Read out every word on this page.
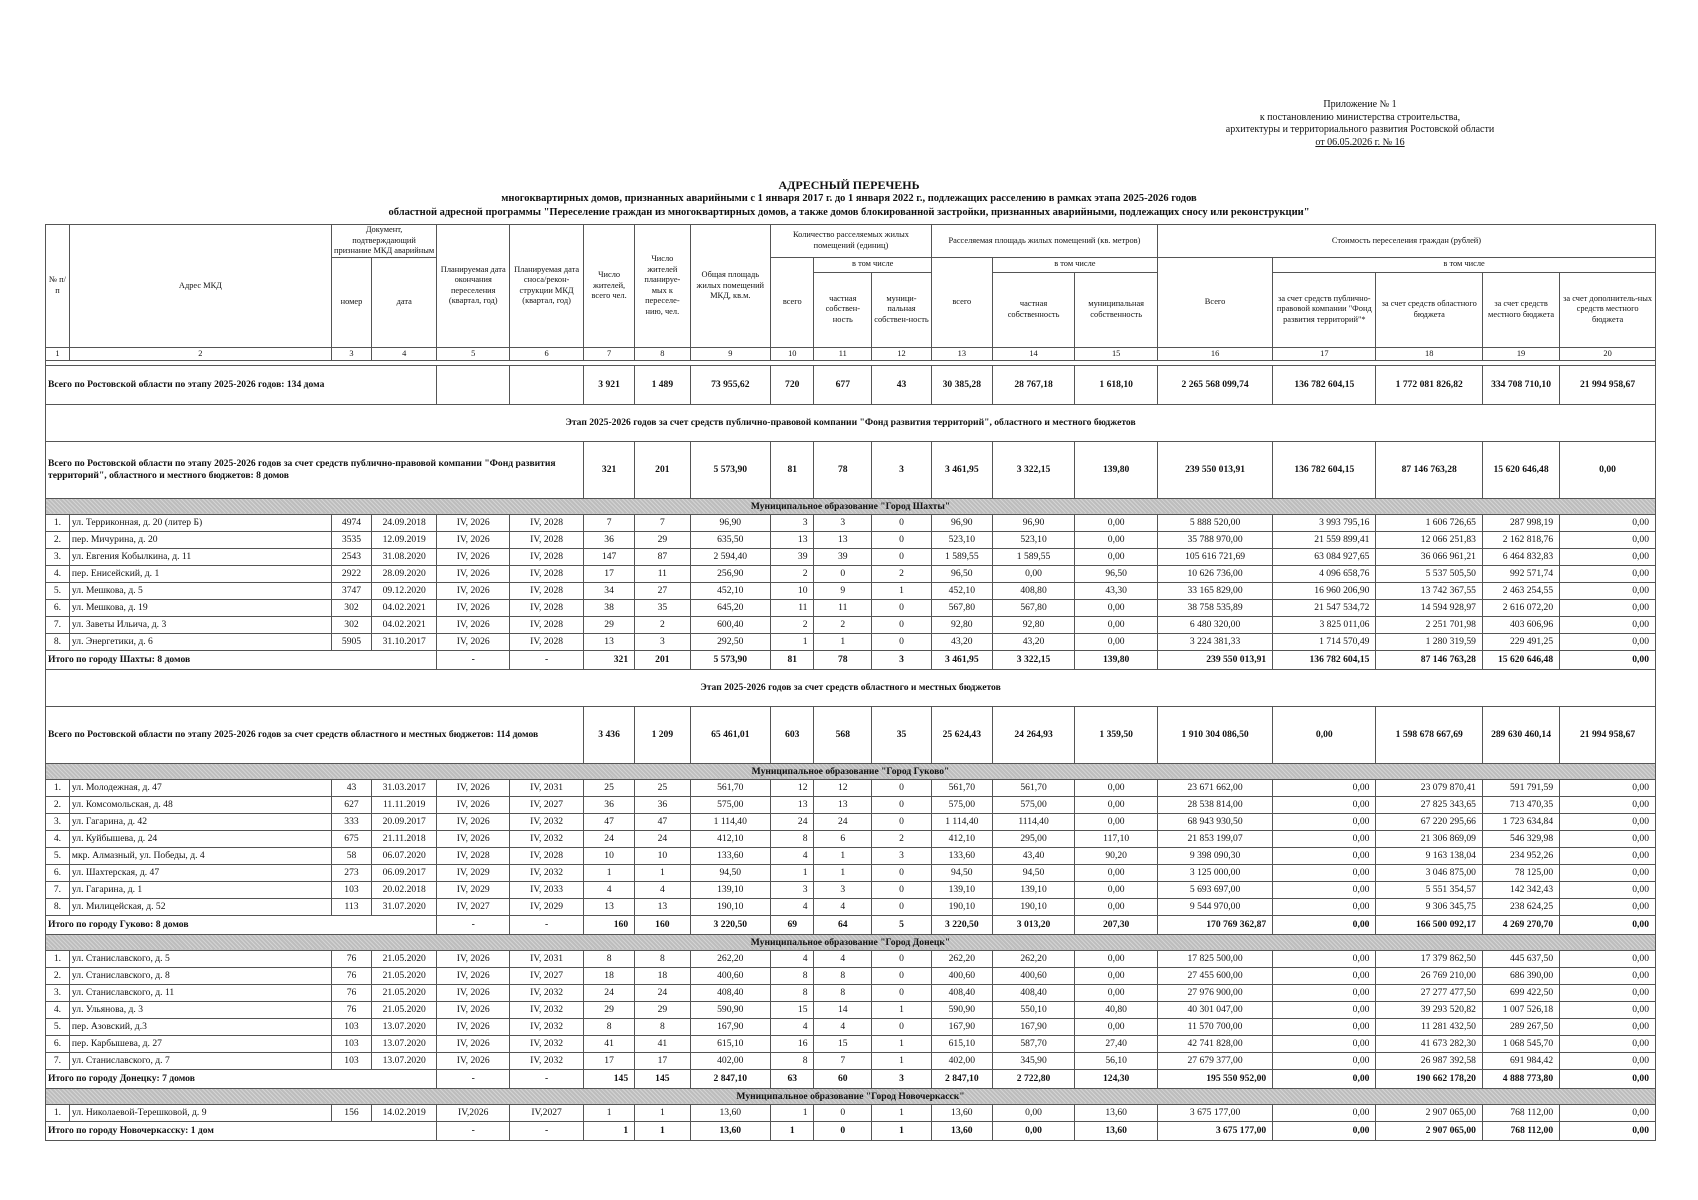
Приложение № 1
к постановлению министерства строительства,
архитектуры и территориального развития Ростовской области
от 06.05.2026 г. № 16
АДРЕСНЫЙ ПЕРЕЧЕНЬ
многоквартирных домов, признанных аварийными с 1 января 2017 г. до 1 января 2022 г., подлежащих расселению в рамках этапа 2025-2026 годов
областной адресной программы "Переселение граждан из многоквартирных домов, а также домов блокированной застройки, признанных аварийными, подлежащих сносу или реконструкции"
№ п/п	Адрес МКД	Документ, подтверждающий признание МКД аварийным		Планируемая дата окончания переселения (квартал, год)	Планируемая дата сноса/рекон-струкции МКД (квартал, год)	Число жителей, всего чел.	Число жителей планируе-мых к переселе-нию, чел.	Общая площадь жилых помещений МКД, кв.м.	Количество расселяемых жилых помещений (единиц)			Расселяемая площадь жилых помещений (кв. метров)			Стоимость переселения граждан (рублей)				

		номер	дата						всего	в том числе		всего	в том числе		Всего	в том числе			
										частная собствен-ность	муници-пальная собствен-ность		частная собственность	муниципальная собственность		за счет средств публично-правовой компании "Фонд развития территорий"*	за счет средств областного бюджета	за счет средств местного бюджета	за счет дополнитель-ных средств местного бюджета
1	2	3	4	5	6	7	8	9	10	11	12	13	14	15	16	17	18	19	20

Всего по Ростовской области по этапу 2025-2026 годов: 134 дома						3 921	1 489	73 955,62	720	677	43	30 385,28	28 767,18	1 618,10	2 265 568 099,74	136 782 604,15	1 772 081 826,82	334 708 710,10	21 994 958,67
Этап 2025-2026 годов за счет средств публично-правовой компании "Фонд развития территорий", областного и местного бюджетов																			
Всего по Ростовской области по этапу 2025-2026 годов за счет средств публично-правовой компании "Фонд развития территорий", областного и местного бюджетов: 8 домов						321	201	5 573,90	81	78	3	3 461,95	3 322,15	139,80	239 550 013,91	136 782 604,15	87 146 763,28	15 620 646,48	0,00
Муниципальное образование "Город Шахты"																			
1.	ул. Терриконная, д. 20 (литер Б)	4974	24.09.2018	IV, 2026	IV, 2028	7	7	96,90	3	3	0	96,90	96,90	0,00	5 888 520,00	3 993 795,16	1 606 726,65	287 998,19	0,00
2.	пер. Мичурина, д. 20	3535	12.09.2019	IV, 2026	IV, 2028	36	29	635,50	13	13	0	523,10	523,10	0,00	35 788 970,00	21 559 899,41	12 066 251,83	2 162 818,76	0,00
3.	ул. Евгения Кобылкина, д. 11	2543	31.08.2020	IV, 2026	IV, 2028	147	87	2 594,40	39	39	0	1 589,55	1 589,55	0,00	105 616 721,69	63 084 927,65	36 066 961,21	6 464 832,83	0,00
4.	пер. Енисейский, д. 1	2922	28.09.2020	IV, 2026	IV, 2028	17	11	256,90	2	0	2	96,50	0,00	96,50	10 626 736,00	4 096 658,76	5 537 505,50	992 571,74	0,00
5.	ул. Мешкова, д. 5	3747	09.12.2020	IV, 2026	IV, 2028	34	27	452,10	10	9	1	452,10	408,80	43,30	33 165 829,00	16 960 206,90	13 742 367,55	2 463 254,55	0,00
6.	ул. Мешкова, д. 19	302	04.02.2021	IV, 2026	IV, 2028	38	35	645,20	11	11	0	567,80	567,80	0,00	38 758 535,89	21 547 534,72	14 594 928,97	2 616 072,20	0,00
7.	ул. Заветы Ильича, д. 3	302	04.02.2021	IV, 2026	IV, 2028	29	2	600,40	2	2	0	92,80	92,80	0,00	6 480 320,00	3 825 011,06	2 251 701,98	403 606,96	0,00
8.	ул. Энергетики, д. 6	5905	31.10.2017	IV, 2026	IV, 2028	13	3	292,50	1	1	0	43,20	43,20	0,00	3 224 381,33	1 714 570,49	1 280 319,59	229 491,25	0,00
Итого по городу Шахты: 8 домов				-	-	321	201	5 573,90	81	78	3	3 461,95	3 322,15	139,80	239 550 013,91	136 782 604,15	87 146 763,28	15 620 646,48	0,00
Этап 2025-2026 годов за счет средств областного и местных бюджетов																			
Всего по Ростовской области по этапу 2025-2026 годов за счет средств областного и местных бюджетов: 114 домов						3 436	1 209	65 461,01	603	568	35	25 624,43	24 264,93	1 359,50	1 910 304 086,50	0,00	1 598 678 667,69	289 630 460,14	21 994 958,67
Муниципальное образование "Город Гуково"																			
1.	ул. Молодежная, д. 47	43	31.03.2017	IV, 2026	IV, 2031	25	25	561,70	12	12	0	561,70	561,70	0,00	23 671 662,00	0,00	23 079 870,41	591 791,59	0,00
2.	ул. Комсомольская, д. 48	627	11.11.2019	IV, 2026	IV, 2027	36	36	575,00	13	13	0	575,00	575,00	0,00	28 538 814,00	0,00	27 825 343,65	713 470,35	0,00
3.	ул. Гагарина, д. 42	333	20.09.2017	IV, 2026	IV, 2032	47	47	1 114,40	24	24	0	1 114,40	1114,40	0,00	68 943 930,50	0,00	67 220 295,66	1 723 634,84	0,00
4.	ул. Куйбышева, д. 24	675	21.11.2018	IV, 2026	IV, 2032	24	24	412,10	8	6	2	412,10	295,00	117,10	21 853 199,07	0,00	21 306 869,09	546 329,98	0,00
5.	мкр. Алмазный, ул. Победы, д. 4	58	06.07.2020	IV, 2028	IV, 2028	10	10	133,60	4	1	3	133,60	43,40	90,20	9 398 090,30	0,00	9 163 138,04	234 952,26	0,00
6.	ул. Шахтерская, д. 47	273	06.09.2017	IV, 2029	IV, 2032	1	1	94,50	1	1	0	94,50	94,50	0,00	3 125 000,00	0,00	3 046 875,00	78 125,00	0,00
7.	ул. Гагарина, д. 1	103	20.02.2018	IV, 2029	IV, 2033	4	4	139,10	3	3	0	139,10	139,10	0,00	5 693 697,00	0,00	5 551 354,57	142 342,43	0,00
8.	ул. Милицейская, д. 52	113	31.07.2020	IV, 2027	IV, 2029	13	13	190,10	4	4	0	190,10	190,10	0,00	9 544 970,00	0,00	9 306 345,75	238 624,25	0,00
Итого по городу Гуково: 8 домов				-	-	160	160	3 220,50	69	64	5	3 220,50	3 013,20	207,30	170 769 362,87	0,00	166 500 092,17	4 269 270,70	0,00
Муниципальное образование "Город Донецк"																			
1.	ул. Станиславского, д. 5	76	21.05.2020	IV, 2026	IV, 2031	8	8	262,20	4	4	0	262,20	262,20	0,00	17 825 500,00	0,00	17 379 862,50	445 637,50	0,00
2.	ул. Станиславского, д. 8	76	21.05.2020	IV, 2026	IV, 2027	18	18	400,60	8	8	0	400,60	400,60	0,00	27 455 600,00	0,00	26 769 210,00	686 390,00	0,00
3.	ул. Станиславского, д. 11	76	21.05.2020	IV, 2026	IV, 2032	24	24	408,40	8	8	0	408,40	408,40	0,00	27 976 900,00	0,00	27 277 477,50	699 422,50	0,00
4.	ул. Ульянова, д. 3	76	21.05.2020	IV, 2026	IV, 2032	29	29	590,90	15	14	1	590,90	550,10	40,80	40 301 047,00	0,00	39 293 520,82	1 007 526,18	0,00
5.	пер. Азовский, д.3	103	13.07.2020	IV, 2026	IV, 2032	8	8	167,90	4	4	0	167,90	167,90	0,00	11 570 700,00	0,00	11 281 432,50	289 267,50	0,00
6.	пер. Карбышева, д. 27	103	13.07.2020	IV, 2026	IV, 2032	41	41	615,10	16	15	1	615,10	587,70	27,40	42 741 828,00	0,00	41 673 282,30	1 068 545,70	0,00
7.	ул. Станиславского, д. 7	103	13.07.2020	IV, 2026	IV, 2032	17	17	402,00	8	7	1	402,00	345,90	56,10	27 679 377,00	0,00	26 987 392,58	691 984,42	0,00
Итого по городу Донецку: 7 домов				-	-	145	145	2 847,10	63	60	3	2 847,10	2 722,80	124,30	195 550 952,00	0,00	190 662 178,20	4 888 773,80	0,00
Муниципальное образование "Город Новочеркасск"																			
1.	ул. Николаевой-Терешковой, д. 9	156	14.02.2019	IV,2026	IV,2027	1	1	13,60	1	0	1	13,60	0,00	13,60	3 675 177,00	0,00	2 907 065,00	768 112,00	0,00
Итого по городу Новочеркасску: 1 дом				-	-	1	1	13,60	1	0	1	13,60	0,00	13,60	3 675 177,00	0,00	2 907 065,00	768 112,00	0,00
